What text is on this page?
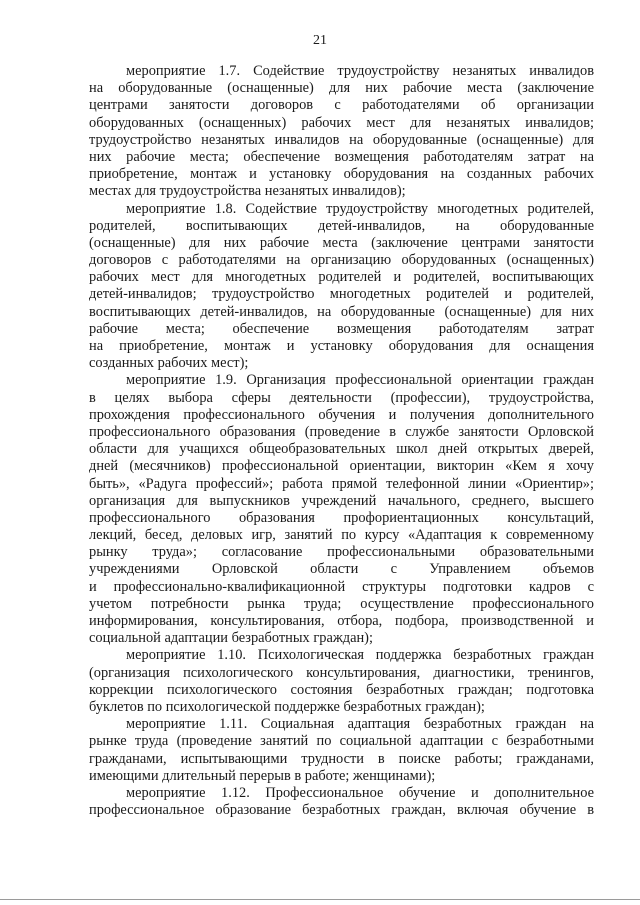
21
мероприятие 1.7. Содействие трудоустройству незанятых инвалидов
на оборудованные (оснащенные) для них рабочие места (заключение
центрами занятости договоров с работодателями об организации
оборудованных (оснащенных) рабочих мест для незанятых инвалидов;
трудоустройство незанятых инвалидов на оборудованные (оснащенные) для
них рабочие места; обеспечение возмещения работодателям затрат на
приобретение, монтаж и установку оборудования на созданных рабочих
местах для трудоустройства незанятых инвалидов);
мероприятие 1.8. Содействие трудоустройству многодетных родителей,
родителей, воспитывающих детей-инвалидов, на оборудованные
(оснащенные) для них рабочие места (заключение центрами занятости
договоров с работодателями на организацию оборудованных (оснащенных)
рабочих мест для многодетных родителей и родителей, воспитывающих
детей-инвалидов; трудоустройство многодетных родителей и родителей,
воспитывающих детей-инвалидов, на оборудованные (оснащенные) для них
рабочие места; обеспечение возмещения работодателям затрат
на приобретение, монтаж и установку оборудования для оснащения
созданных рабочих мест);
мероприятие 1.9. Организация профессиональной ориентации граждан
в целях выбора сферы деятельности (профессии), трудоустройства,
прохождения профессионального обучения и получения дополнительного
профессионального образования (проведение в службе занятости Орловской
области для учащихся общеобразовательных школ дней открытых дверей,
дней (месячников) профессиональной ориентации, викторин «Кем я хочу
быть», «Радуга профессий»; работа прямой телефонной линии «Ориентир»;
организация для выпускников учреждений начального, среднего, высшего
профессионального образования профориентационных консультаций,
лекций, бесед, деловых игр, занятий по курсу «Адаптация к современному
рынку труда»; согласование профессиональными образовательными
учреждениями Орловской области с Управлением объемов
и профессионально-квалификационной структуры подготовки кадров с
учетом потребности рынка труда; осуществление профессионального
информирования, консультирования, отбора, подбора, производственной и
социальной адаптации безработных граждан);
мероприятие 1.10. Психологическая поддержка безработных граждан
(организация психологического консультирования, диагностики, тренингов,
коррекции психологического состояния безработных граждан; подготовка
буклетов по психологической поддержке безработных граждан);
мероприятие 1.11. Социальная адаптация безработных граждан на
рынке труда (проведение занятий по социальной адаптации с безработными
гражданами, испытывающими трудности в поиске работы; гражданами,
имеющими длительный перерыв в работе; женщинами);
мероприятие 1.12. Профессиональное обучение и дополнительное
профессиональное образование безработных граждан, включая обучение в
